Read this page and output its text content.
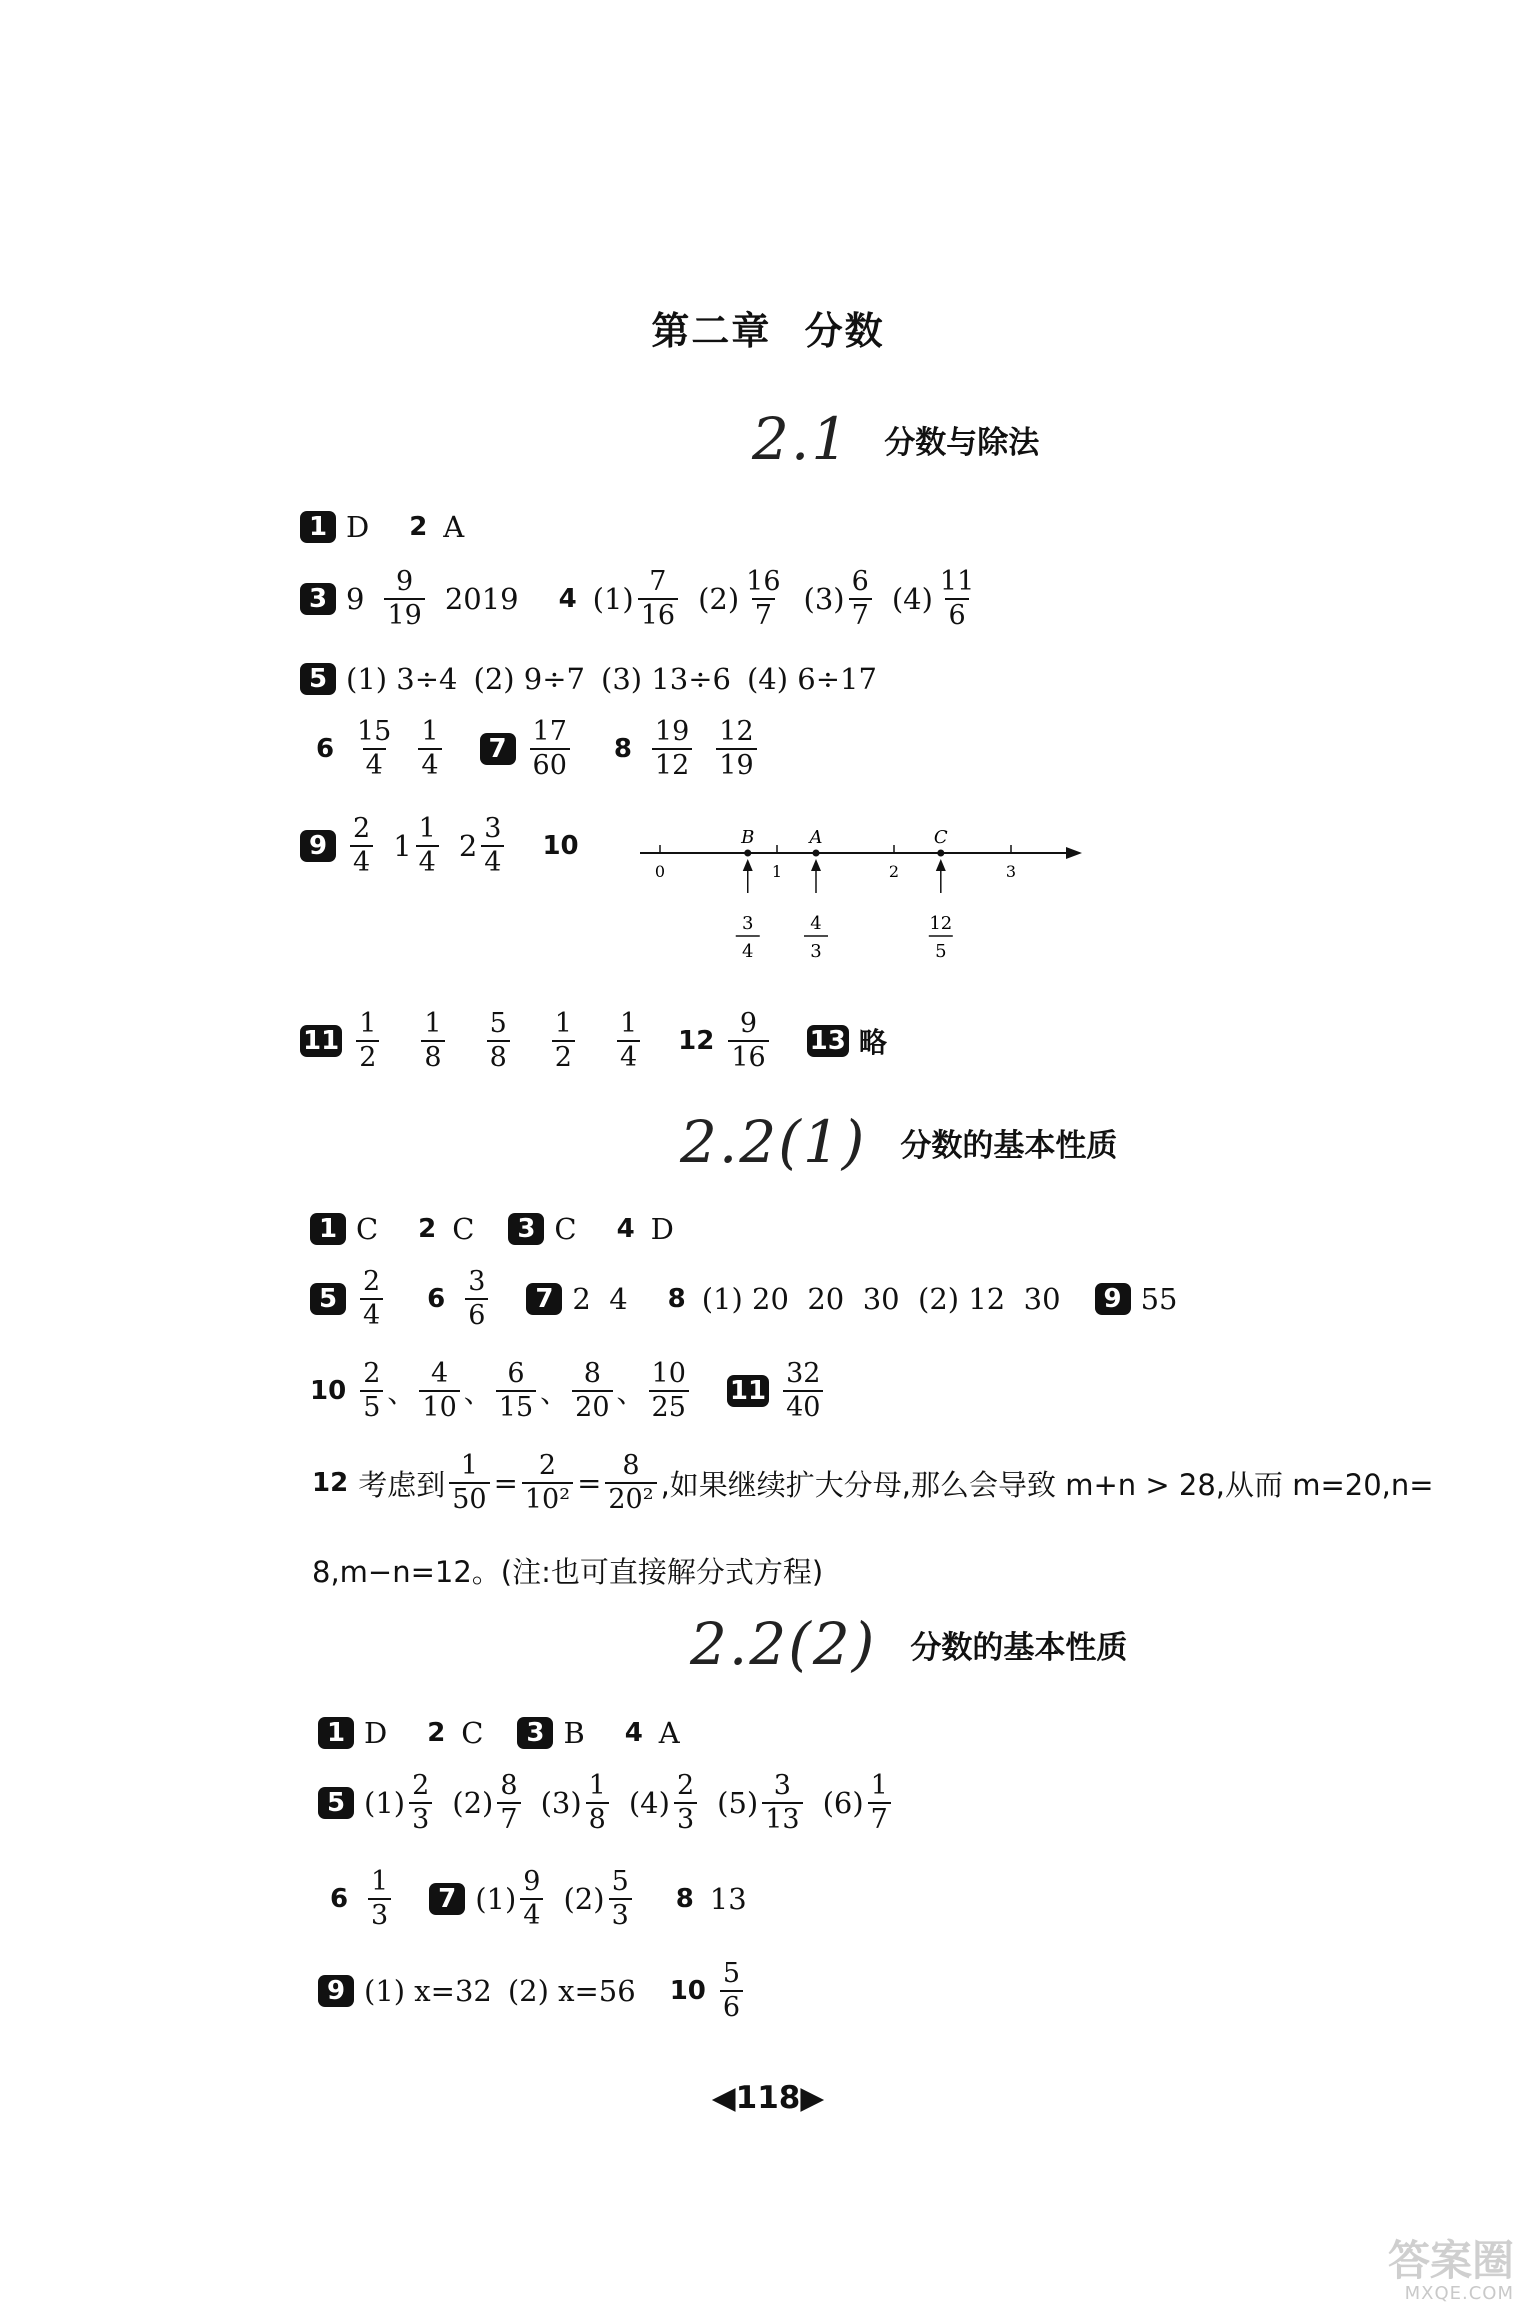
第二章 分数
2.1 分数与除法
1 D 2 A
3 $9 \frac{9}{19} 2019$ 4 $(1) \frac{7}{16} (2) \frac{16}{7} (3) \frac{6}{7} (4) \frac{11}{6}$
5 (1) 3÷4 (2) 9÷7 (3) 13÷6 (4) 6÷17
$6 \frac{15}{4} \frac{1}{4}$	$7 \frac{17}{60} 8 \frac{19}{12} \frac{12}{19}$
$9 \frac{2}{4} 1 \frac{1}{4} 2 \frac{3}{4} 10$
0	1	2	3
B
3
4
A
4
3
C
12
5
$11 \frac{1}{2} \frac{1}{8} \frac{5}{8} \frac{1}{2} \frac{1}{4} 12 \frac{9}{16} 13$ 略
2.2(1) 分数的基本性质
1 C 2 C	3 C 4 D
$5 \frac{2}{4} 6 \frac{3}{6}$	7 2  4 8 (1) 20  20  30  (2) 12  30	9 55
$10 \frac{2}{5}$ 、 $\frac{4}{10}$ 、 $\frac{6}{15}$ 、 $\frac{8}{20}$ 、 $\frac{10}{25} 11 \frac{32}{40}$
12 考虑到 $\frac{1}{50} = \frac{2}{\text{10²}} = \frac{8}{\text{20²}}$ ,如果继续扩大分母,那么会导致 m+n > 28,从而 m=20,n=
8,m−n=12。(注:也可直接解分式方程)
2.2(2) 分数的基本性质
1 D 2 C	3 B 4 A
5 $(1) \frac{2}{3} (2) \frac{8}{7} (3) \frac{1}{8} (4) \frac{2}{3} (5) \frac{3}{13} (6) \frac{1}{7}$
$6 \frac{1}{3}$	7 $(1) \frac{9}{4} (2) \frac{5}{3} 8$ 13
9 (1) x=32 (2) x=56 $10 \frac{5}{6}$
◀118▶
答案圈
MXQE.COM
